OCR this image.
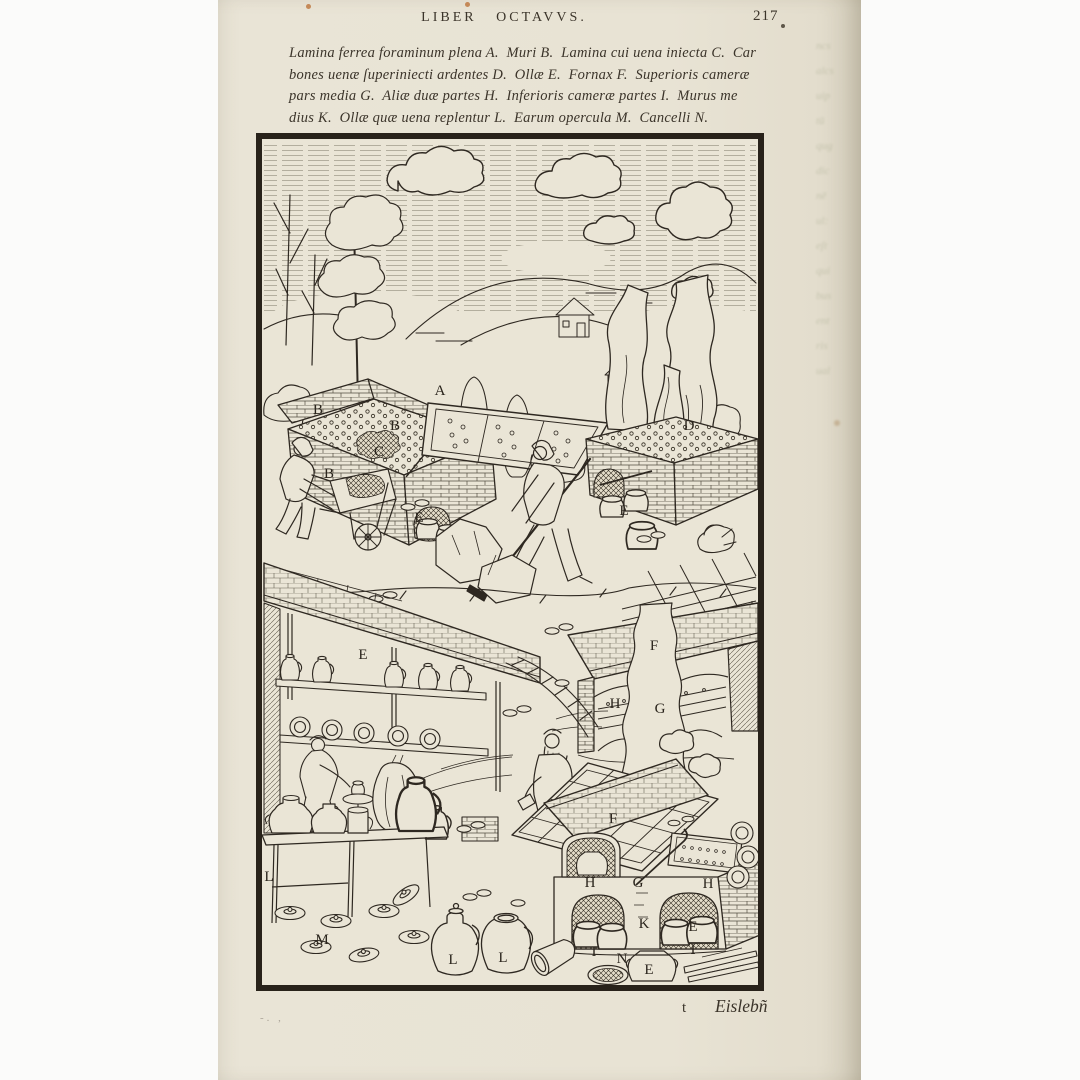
ncs
alcs
uip
tū
qug
dic
nē
ul:
eſt
qui
bus
ent
ris
ual
LIBER OCTAVVS.	217
Lamina ferrea foraminum plena A.  Muri B.  Lamina cui uena iniecta C.  Car
bones uenæ ſuperiniecti ardentes D.  Ollæ E.  Fornax F.  Superioris cameræ
pars media G.  Aliæ duæ partes H.  Inferioris cameræ partes I.  Murus me
dius K.  Ollæ quæ uena replentur L.  Earum opercula M.  Cancelli N.
A
B
B
B
C
D
E	E
E
F
H G
F
H G	H
K	E
I N
I
E
L
M
L	L
t Eislebñ
-. ,
